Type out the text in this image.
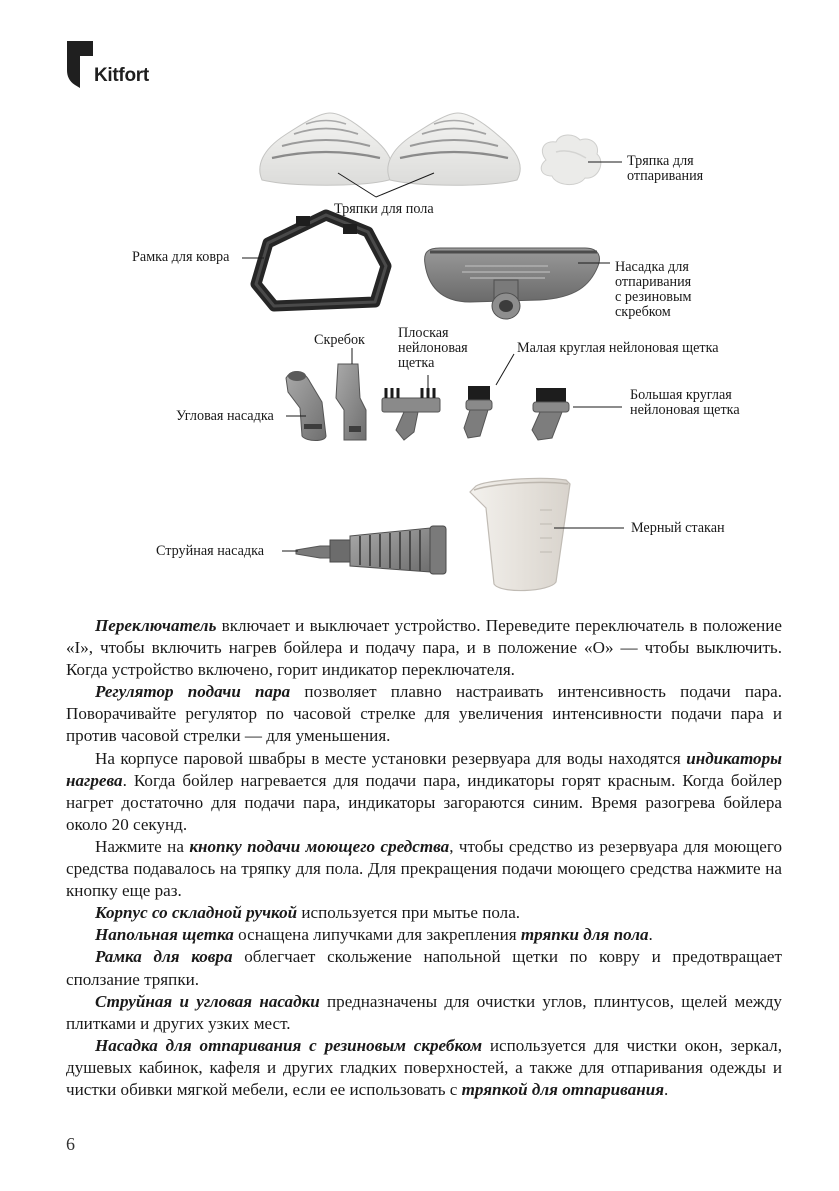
Kitfort
Тряпки для пола
Тряпка для
отпаривания
Рамка для ковра
Насадка для
отпаривания
с резиновым
скребком
Скребок Плоская
нейлоновая
щетка
Малая круглая нейлоновая щетка
Большая круглая
нейлоновая щетка
Угловая насадка
Мерный стакан
Струйная насадка

Переключатель включает и выключает устройство. Переведите переключатель в положение «I», чтобы включить нагрев бойлера и подачу пара, и в положение «O» — чтобы выключить. Когда устройство включено, горит индикатор переключателя.

Регулятор подачи пара позволяет плавно настраивать интенсивность подачи пара. Поворачивайте регулятор по часовой стрелке для увеличения интенсивности подачи пара и против часовой стрелки — для уменьшения.

На корпусе паровой швабры в месте установки резервуара для воды находятся индикаторы нагрева. Когда бойлер нагревается для подачи пара, индикаторы горят красным. Когда бойлер нагрет достаточно для подачи пара, индикаторы загораются синим. Время разогрева бойлера около 20 секунд.

Нажмите на кнопку подачи моющего средства, чтобы средство из резервуара для моющего средства подавалось на тряпку для пола. Для прекращения подачи моющего средства нажмите на кнопку еще раз.

Корпус со складной ручкой используется при мытье пола.

Напольная щетка оснащена липучками для закрепления тряпки для пола.

Рамка для ковра облегчает скольжение напольной щетки по ковру и предотвращает сползание тряпки.

Струйная и угловая насадки предназначены для очистки углов, плинтусов, щелей между плитками и других узких мест.

Насадка для отпаривания с резиновым скребком используется для чистки окон, зеркал, душевых кабинок, кафеля и других гладких поверхностей, а также для отпаривания одежды и чистки обивки мягкой мебели, если ее использовать с тряпкой для отпаривания.

6
